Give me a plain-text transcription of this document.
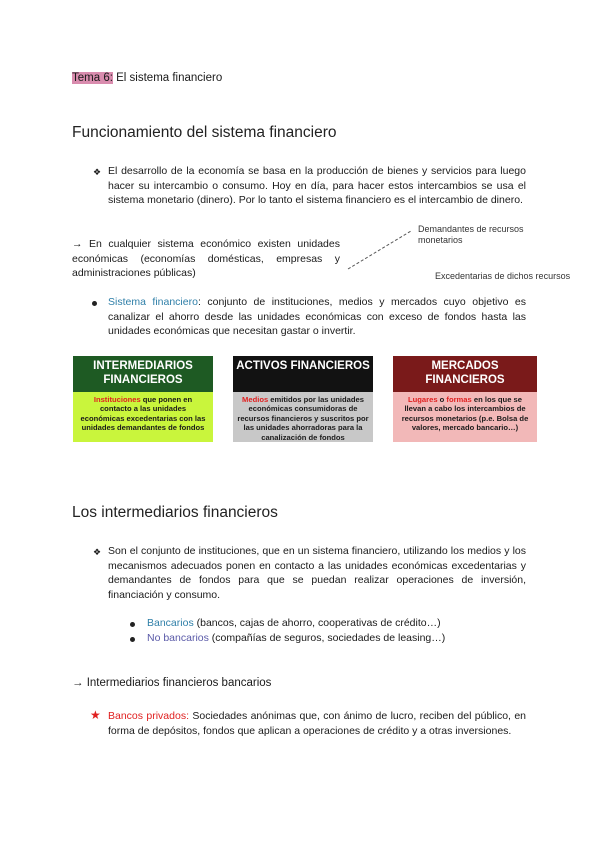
Tema 6: El sistema financiero
Funcionamiento del sistema financiero
❖ El desarrollo de la economía se basa en la producción de bienes y servicios para luego hacer su intercambio o consumo. Hoy en día, para hacer estos intercambios se usa el sistema monetario (dinero). Por lo tanto el sistema financiero es el intercambio de dinero.
→ En cualquier sistema económico existen unidades económicas (economías domésticas, empresas y administraciones públicas)
Demandantes de recursos monetarios
Excedentarias de dichos recursos
Sistema financiero: conjunto de instituciones, medios y mercados cuyo objetivo es canalizar el ahorro desde las unidades económicas con exceso de fondos hasta las unidades económicas que necesitan gastar o invertir.
INTERMEDIARIOS FINANCIEROS
Instituciones que ponen en contacto a las unidades económicas excedentarias con las unidades demandantes de fondos
ACTIVOS FINANCIEROS
Medios emitidos por las unidades económicas consumidoras de recursos financieros y suscritos por las unidades ahorradoras para la canalización de fondos
MERCADOS FINANCIEROS
Lugares o formas en los que se llevan a cabo los intercambios de recursos monetarios (p.e. Bolsa de valores, mercado bancario…)
Los intermediarios financieros
❖ Son el conjunto de instituciones, que en un sistema financiero, utilizando los medios y los mecanismos adecuados ponen en contacto a las unidades económicas excedentarias y demandantes de fondos para que se puedan realizar operaciones de inversión, financiación y consumo.
Bancarios (bancos, cajas de ahorro, cooperativas de crédito…)
No bancarios (compañías de seguros, sociedades de leasing…)
→ Intermediarios financieros bancarios
★ Bancos privados: Sociedades anónimas que, con ánimo de lucro, reciben del público, en forma de depósitos, fondos que aplican a operaciones de crédito y a otras inversiones.
